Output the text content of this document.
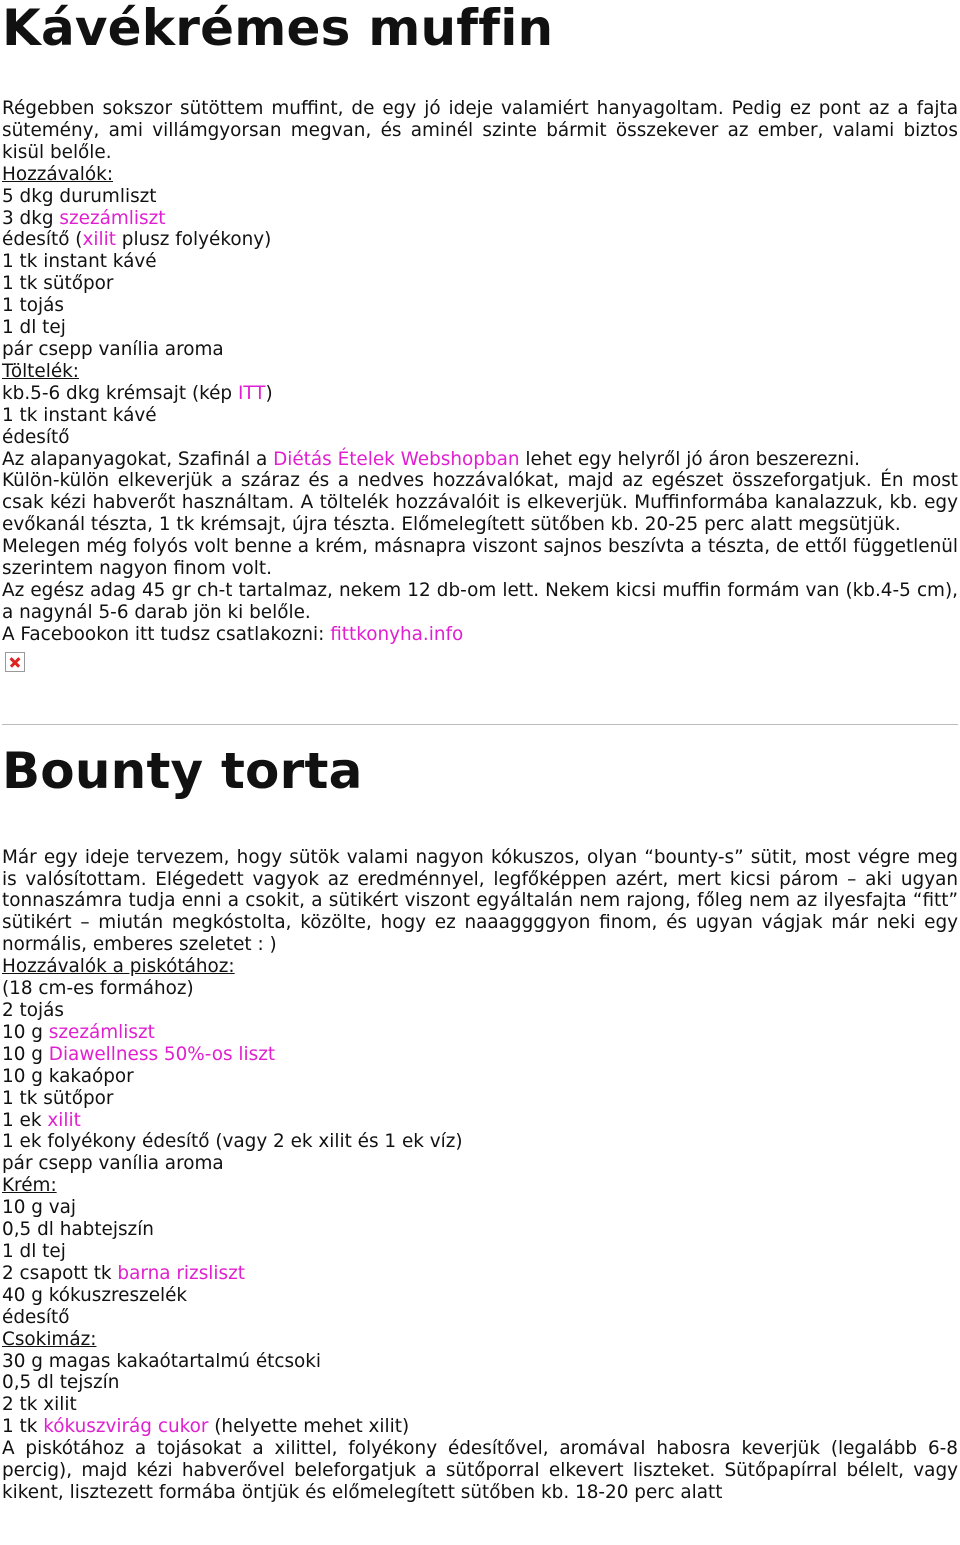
Kávékrémes muffin

Régebben sokszor sütöttem muffint, de egy jó ideje valamiért hanyagoltam. Pedig ez pont az a fajta sütemény, ami villámgyorsan megvan, és aminél szinte bármit összekever az ember, valami biztos kisül belőle.

Hozzávalók:

5 dkg durumliszt

3 dkg szezámliszt

édesítő (xilit plusz folyékony)

1 tk instant kávé

1 tk sütőpor

1 tojás

1 dl tej

pár csepp vanília aroma

Töltelék:

kb.5-6 dkg krémsajt (kép ITT)

1 tk instant kávé

édesítő

Az alapanyagokat, Szafinál a Diétás Ételek Webshopban lehet egy helyről jó áron beszerezni.

Külön-külön elkeverjük a száraz és a nedves hozzávalókat, majd az egészet összeforgatjuk. Én most csak kézi habverőt használtam. A töltelék hozzávalóit is elkeverjük. Muffinformába kanalazzuk, kb. egy evőkanál tészta, 1 tk krémsajt, újra tészta. Előmelegített sütőben kb. 20-25 perc alatt megsütjük.

Melegen még folyós volt benne a krém, másnapra viszont sajnos beszívta a tészta, de ettől függetlenül szerintem nagyon finom volt.

Az egész adag 45 gr ch-t tartalmaz, nekem 12 db-om lett. Nekem kicsi muffin formám van (kb.4-5 cm), a nagynál 5-6 darab jön ki belőle.

A Facebookon itt tudsz csatlakozni: fittkonyha.info

Bounty torta

Már egy ideje tervezem, hogy sütök valami nagyon kókuszos, olyan “bounty-s” sütit, most végre meg is valósítottam. Elégedett vagyok az eredménnyel, legfőképpen azért, mert kicsi párom – aki ugyan tonnaszámra tudja enni a csokit, a sütikért viszont egyáltalán nem rajong, főleg nem az ilyesfajta “fitt” sütikért – miután megkóstolta, közölte, hogy ez naaaggggyon finom, és ugyan vágjak már neki egy normális, emberes szeletet : )

Hozzávalók a piskótához:

(18 cm-es formához)

2 tojás

10 g szezámliszt

10 g Diawellness 50%-os liszt

10 g kakaópor

1 tk sütőpor

1 ek xilit

1 ek folyékony édesítő (vagy 2 ek xilit és 1 ek víz)

pár csepp vanília aroma

Krém:

10 g vaj

0,5 dl habtejszín

1 dl tej

2 csapott tk barna rizsliszt

40 g kókuszreszelék

édesítő

Csokimáz:

30 g magas kakaótartalmú étcsoki

0,5 dl tejszín

2 tk xilit

1 tk kókuszvirág cukor (helyette mehet xilit)

A piskótához a tojásokat a xilittel, folyékony édesítővel, aromával habosra keverjük (legalább 6-8 percig), majd kézi habverővel beleforgatjuk a sütőporral elkevert liszteket. Sütőpapírral bélelt, vagy kikent, lisztezett formába öntjük és előmelegített sütőben kb. 18-20 perc alatt
